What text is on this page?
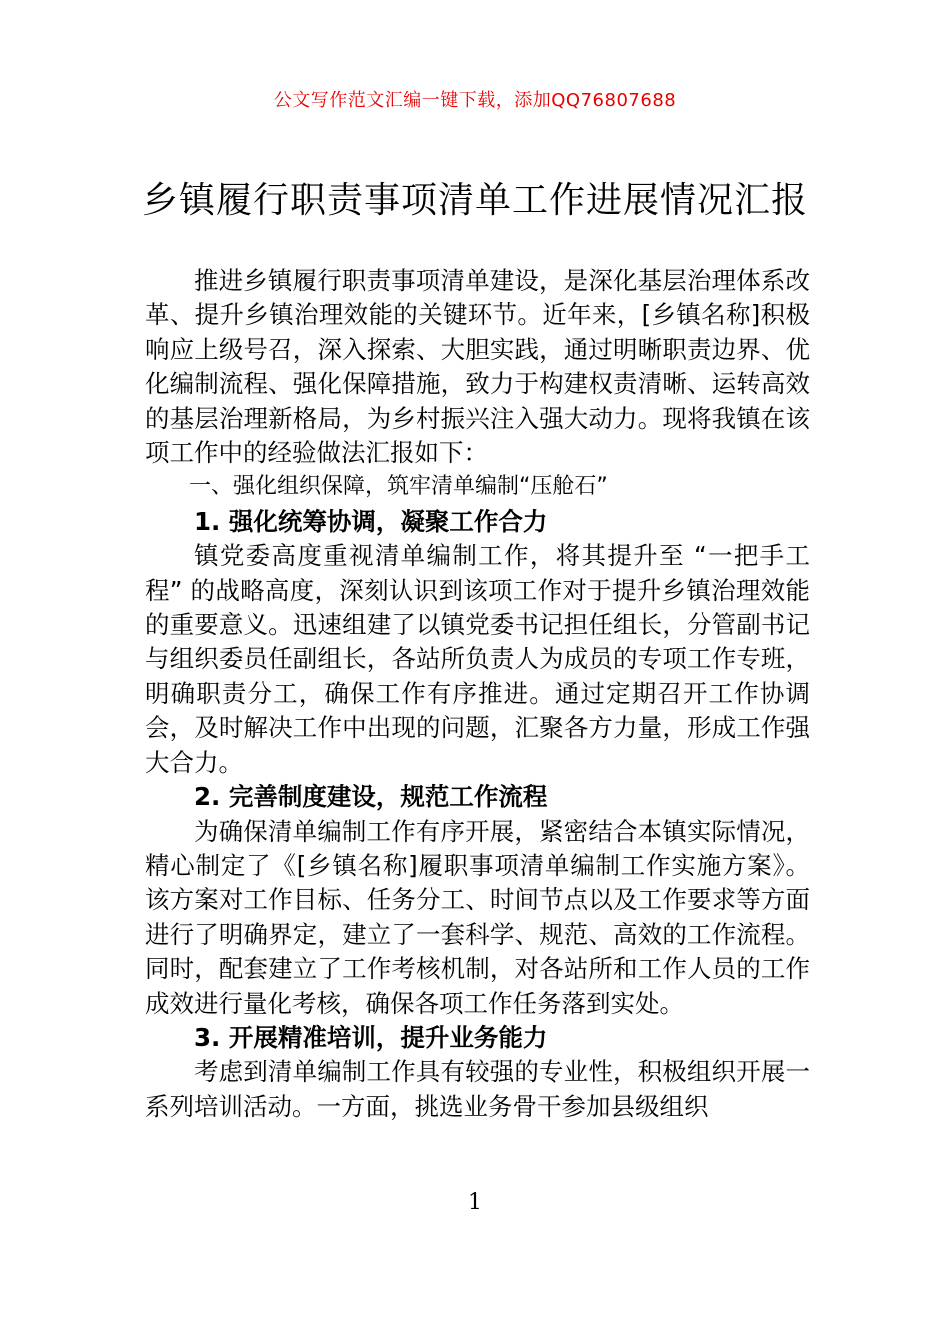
公文写作范文汇编一键下载，添加QQ76807688
乡镇履行职责事项清单工作进展情况汇报

推进乡镇履行职责事项清单建设，是深化基层治理体系改革、提升乡镇治理效能的关键环节。近年来，[乡镇名称]积极响应上级号召，深入探索、大胆实践，通过明晰职责边界、优化编制流程、强化保障措施，致力于构建权责清晰、运转高效的基层治理新格局，为乡村振兴注入强大动力。现将我镇在该项工作中的经验做法汇报如下：

一、强化组织保障，筑牢清单编制“压舱石”

1. 强化统筹协调，凝聚工作合力

镇党委高度重视清单编制工作，将其提升至 “一把手工程” 的战略高度，深刻认识到该项工作对于提升乡镇治理效能的重要意义。迅速组建了以镇党委书记担任组长，分管副书记与组织委员任副组长，各站所负责人为成员的专项工作专班，明确职责分工，确保工作有序推进。通过定期召开工作协调会，及时解决工作中出现的问题，汇聚各方力量，形成工作强大合力。

2. 完善制度建设，规范工作流程

为确保清单编制工作有序开展，紧密结合本镇实际情况，精心制定了《[乡镇名称]履职事项清单编制工作实施方案》。该方案对工作目标、任务分工、时间节点以及工作要求等方面进行了明确界定，建立了一套科学、规范、高效的工作流程。同时，配套建立了工作考核机制，对各站所和工作人员的工作成效进行量化考核，确保各项工作任务落到实处。

3. 开展精准培训，提升业务能力

考虑到清单编制工作具有较强的专业性，积极组织开展一系列培训活动。一方面，挑选业务骨干参加县级组织

1
